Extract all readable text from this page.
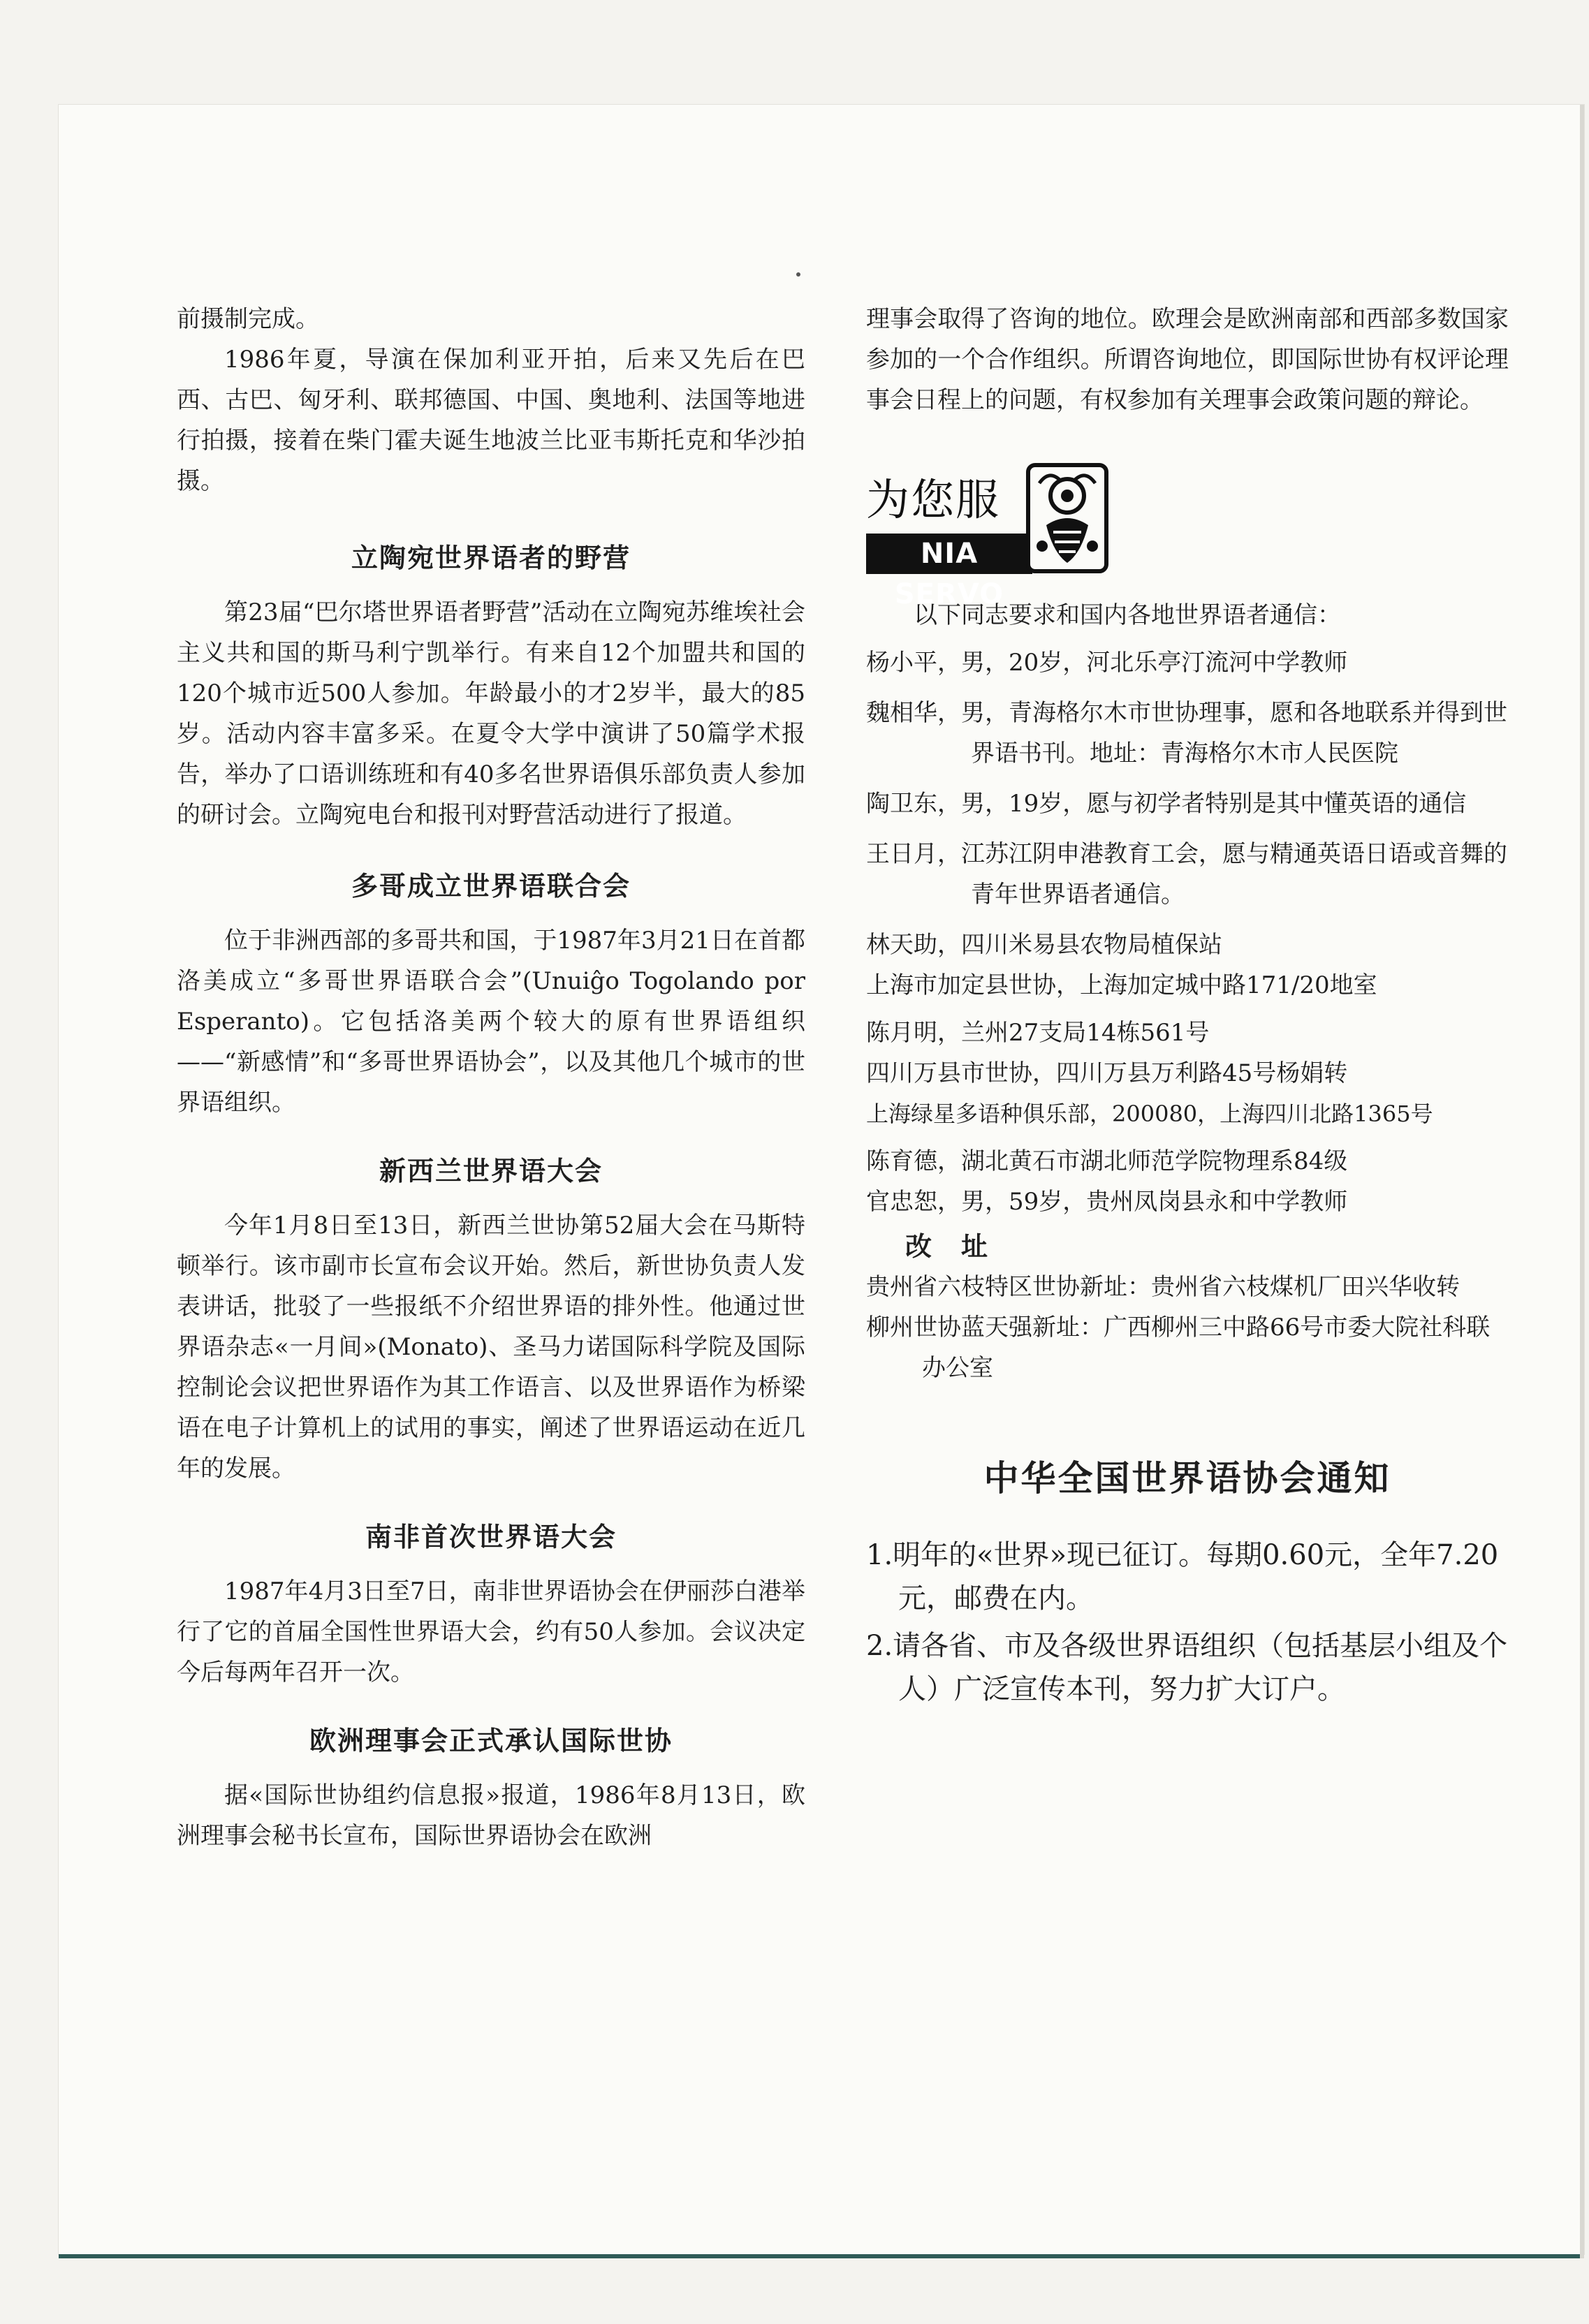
前摄制完成。

1986年夏，导演在保加利亚开拍，后来又先后在巴西、古巴、匈牙利、联邦德国、中国、奥地利、法国等地进行拍摄，接着在柴门霍夫诞生地波兰比亚韦斯托克和华沙拍摄。

立陶宛世界语者的野营

第23届“巴尔塔世界语者野营”活动在立陶宛苏维埃社会主义共和国的斯马利宁凯举行。有来自12个加盟共和国的120个城市近500人参加。年龄最小的才2岁半，最大的85岁。活动内容丰富多采。在夏令大学中演讲了50篇学术报告，举办了口语训练班和有40多名世界语俱乐部负责人参加的研讨会。立陶宛电台和报刊对野营活动进行了报道。

多哥成立世界语联合会

位于非洲西部的多哥共和国，于1987年3月21日在首都洛美成立“多哥世界语联合会”(Unuiĝo Togolando por Esperanto)。它包括洛美两个较大的原有世界语组织——“新感情”和“多哥世界语协会”，以及其他几个城市的世界语组织。

新西兰世界语大会

今年1月8日至13日，新西兰世协第52届大会在马斯特顿举行。该市副市长宣布会议开始。然后，新世协负责人发表讲话，批驳了一些报纸不介绍世界语的排外性。他通过世界语杂志«一月间»(Monato)、圣马力诺国际科学院及国际控制论会议把世界语作为其工作语言、以及世界语作为桥梁语在电子计算机上的试用的事实，阐述了世界语运动在近几年的发展。

南非首次世界语大会

1987年4月3日至7日，南非世界语协会在伊丽莎白港举行了它的首届全国性世界语大会，约有50人参加。会议决定今后每两年召开一次。

欧洲理事会正式承认国际世协

据«国际世协组约信息报»报道，1986年8月13日，欧洲理事会秘书长宣布，国际世界语协会在欧洲

理事会取得了咨询的地位。欧理会是欧洲南部和西部多数国家参加的一个合作组织。所谓咨询地位，即国际世协有权评论理事会日程上的问题，有权参加有关理事会政策问题的辩论。

为您服
NIA SERVO

以下同志要求和国内各地世界语者通信：

杨小平，男，20岁，河北乐亭汀流河中学教师

魏相华，男，青海格尔木市世协理事，愿和各地联系并得到世界语书刊。地址：青海格尔木市人民医院

陶卫东，男，19岁，愿与初学者特别是其中懂英语的通信

王日月，江苏江阴申港教育工会，愿与精通英语日语或音舞的青年世界语者通信。

林天助，四川米易县农物局植保站

上海市加定县世协，上海加定城中路171/20地室

陈月明，兰州27支局14栋561号

四川万县市世协，四川万县万利路45号杨娟转

上海绿星多语种俱乐部，200080，上海四川北路1365号

陈育德，湖北黄石市湖北师范学院物理系84级

官忠恕，男，59岁，贵州凤岗县永和中学教师

改　址

贵州省六枝特区世协新址：贵州省六枝煤机厂田兴华收转

柳州世协蓝天强新址：广西柳州三中路66号市委大院社科联办公室

中华全国世界语协会通知

1.明年的«世界»现已征订。每期0.60元，全年7.20元，邮费在内。

2.请各省、市及各级世界语组织（包括基层小组及个人）广泛宣传本刊，努力扩大订户。
